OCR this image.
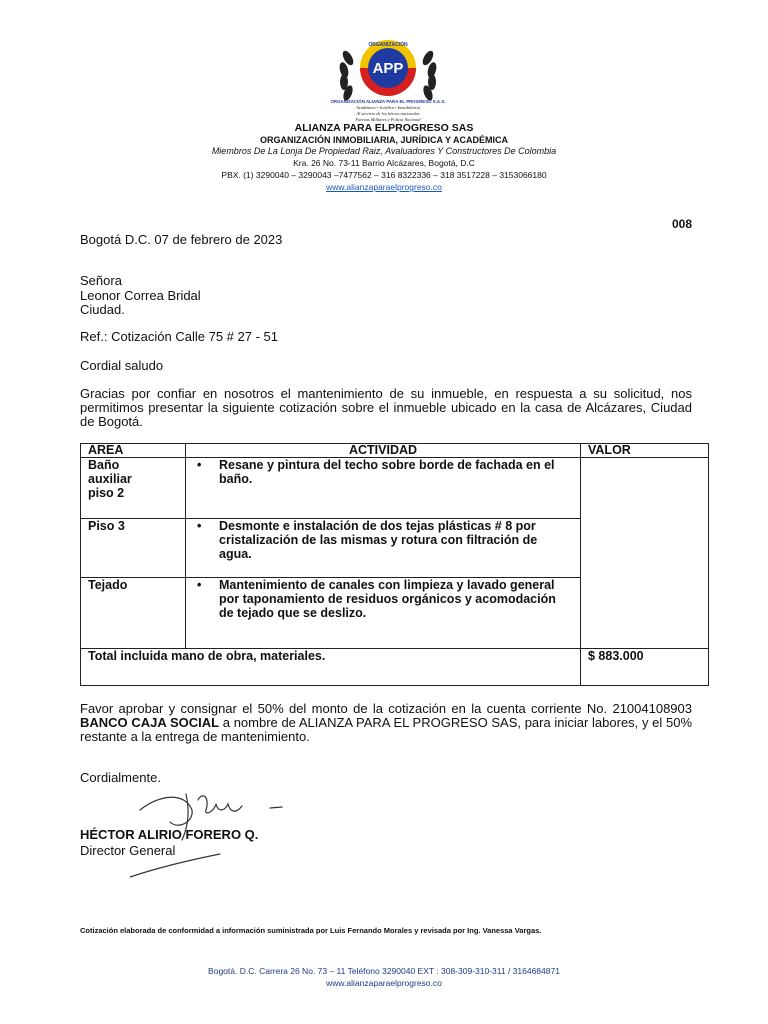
APP
ORGANIZACIÓN
ORGANIZACIÓN ALIANZA PARA EL PROGRESO S.A.S.
Académica • Jurídica • Inmobiliaria
Al servicio de los héroes nacionales
Fuerzas Militares y Policía Nacional
ALIANZA PARA ELPROGRESO SAS
ORGANIZACIÓN INMOBILIARIA, JURÍDICA Y ACADÉMICA
Miembros De La Lonja De Propiedad Raiz, Avaluadores Y Constructores De Colombia
Kra. 26 No. 73-11 Barrio Alcázares, Bogotá, D.C
PBX. (1) 3290040 – 3290043 –7477562 – 316 8322336 – 318 3517228 – 3153066180
www.alianzaparaelprogreso.co
008
Bogotá D.C. 07 de febrero de 2023
Señora
Leonor Correa Bridal
Ciudad.
Ref.: Cotización Calle 75 # 27 - 51
Cordial saludo
Gracias por confiar en nosotros el mantenimiento de su inmueble, en respuesta a su solicitud, nos permitimos presentar la siguiente cotización sobre el inmueble ubicado en la casa de Alcázares, Ciudad de Bogotá.
AREA	ACTIVIDAD	VALOR

Baño auxiliar piso 2	• Resane y pintura del techo sobre borde de fachada en el baño.	

Piso 3	• Desmonte e instalación de dos tejas plásticas # 8 por cristalización de las mismas y rotura con filtración de agua.	

Tejado	• Mantenimiento de canales con limpieza y lavado general por taponamiento de residuos orgánicos y acomodación de tejado que se deslizo.	

Total incluida mano de obra, materiales.		$ 883.000
Favor aprobar y consignar el 50% del monto de la cotización en la cuenta corriente No. 21004108903 BANCO CAJA SOCIAL a nombre de ALIANZA PARA EL PROGRESO SAS, para iniciar labores, y el 50% restante a la entrega de mantenimiento.
Cordialmente.
HÉCTOR ALIRIO FORERO Q.
Director General
Cotización elaborada de conformidad a información suministrada por Luis Fernando Morales y revisada por Ing. Vanessa Vargas.
Bogotá. D.C. Carrera 26 No. 73 – 11 Teléfono 3290040 EXT : 308-309-310-311 / 3164684871
www.alianzaparaelprogreso.co
